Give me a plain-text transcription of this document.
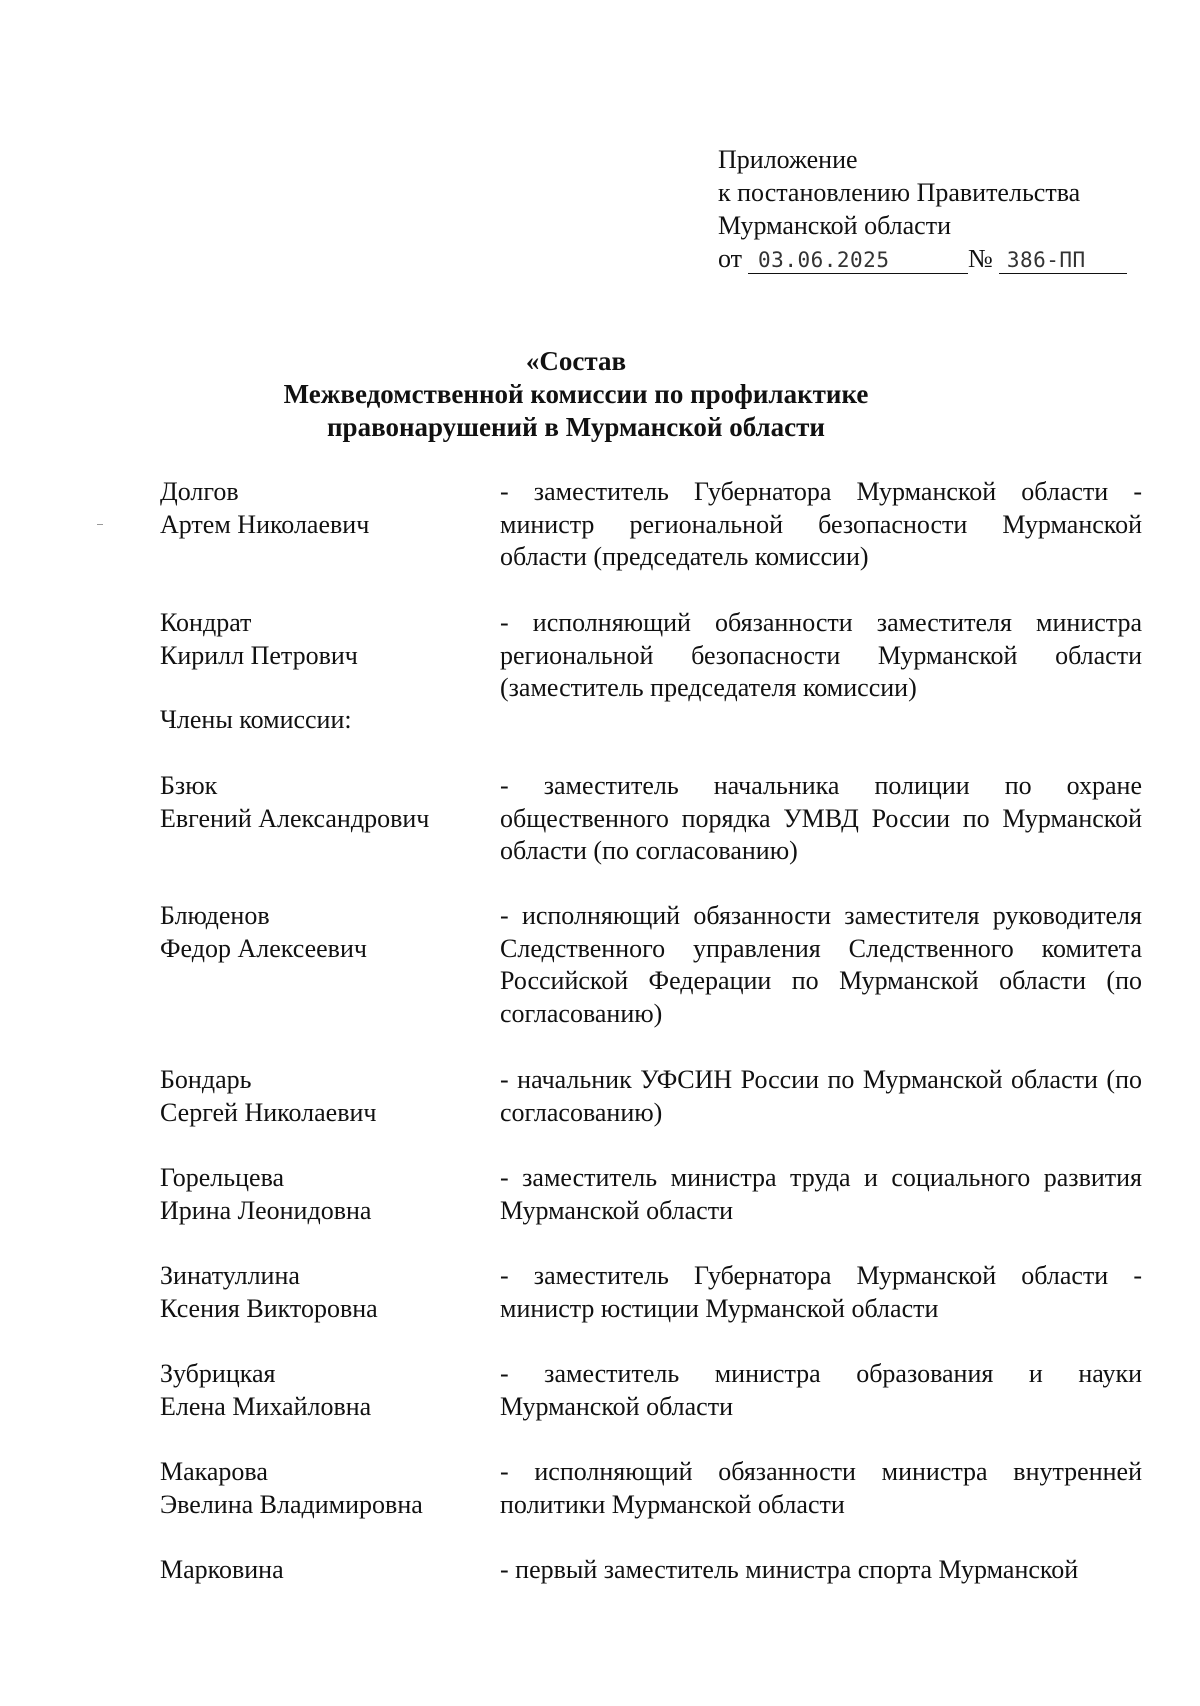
Приложение
к постановлению Правительства
Мурманской области
от 03.06.2025	№ 386-ПП
«Состав
Межведомственной комиссии по профилактике
правонарушений в Мурманской области
Долгов
Артем Николаевич
- заместитель Губернатора Мурманской области - министр региональной безопасности Мурманской области (председатель комиссии)
Кондрат
Кирилл Петрович
- исполняющий обязанности заместителя министра региональной безопасности Мурманской области (заместитель председателя комиссии)
Члены комиссии:
Бзюк
Евгений Александрович
- заместитель начальника полиции по охране общественного порядка УМВД России по Мурманской области (по согласованию)
Блюденов
Федор Алексеевич
- исполняющий обязанности заместителя руководителя Следственного управления Следственного комитета Российской Федерации по Мурманской области (по согласованию)
Бондарь
Сергей Николаевич
- начальник УФСИН России по Мурманской области (по согласованию)
Горельцева
Ирина Леонидовна
- заместитель министра труда и социального развития Мурманской области
Зинатуллина
Ксения Викторовна
- заместитель Губернатора Мурманской области - министр юстиции Мурманской области
Зубрицкая
Елена Михайловна
- заместитель министра образования и науки Мурманской области
Макарова
Эвелина Владимировна
- исполняющий обязанности министра внутренней политики Мурманской области
Марковина	- первый заместитель министра спорта Мурманской
